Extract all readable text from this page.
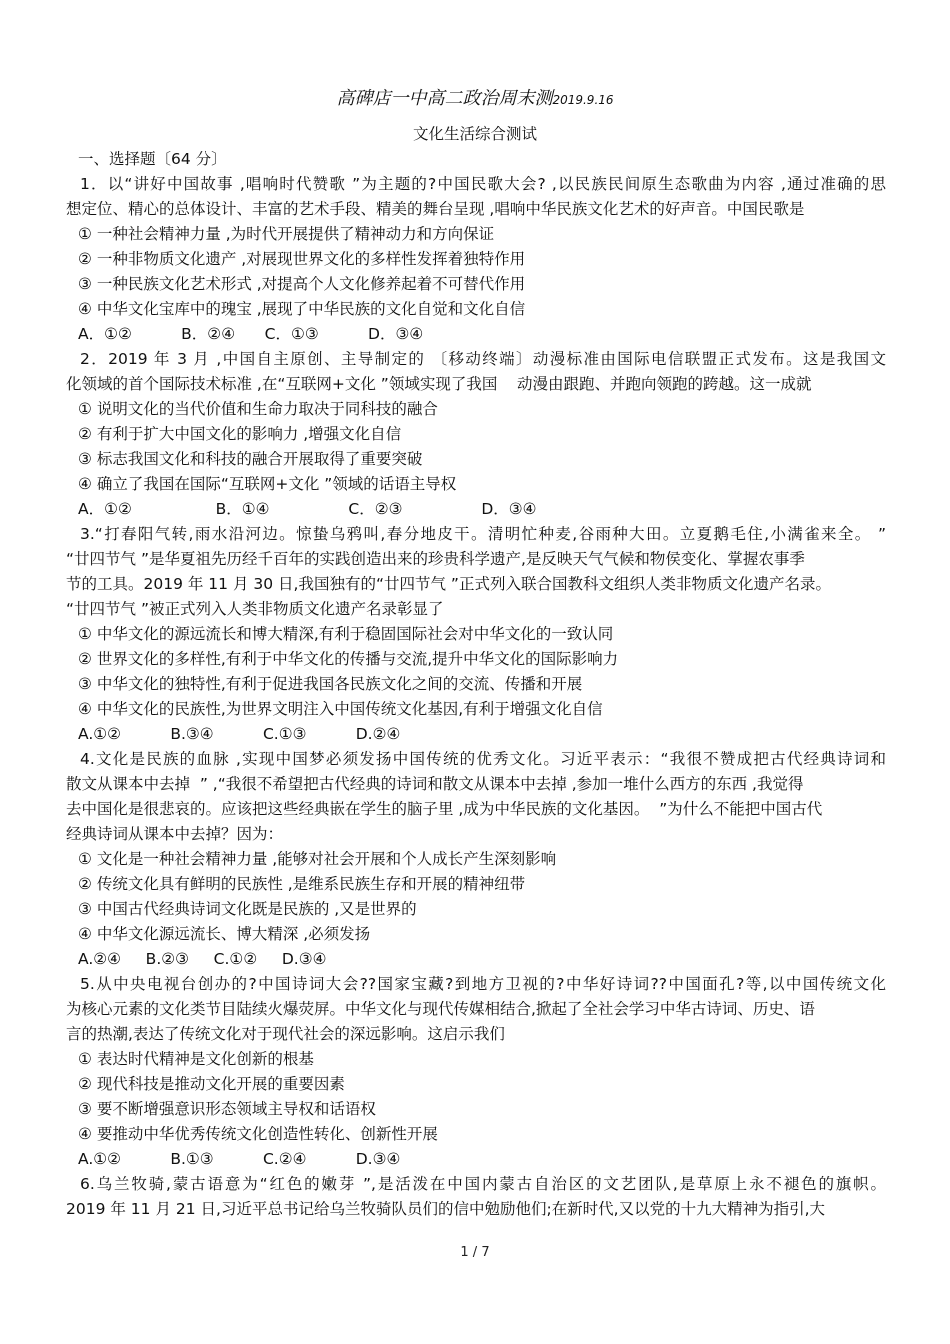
高碑店一中高二政治周末测2019.9.16
文化生活综合测试
一、选择题〔64 分〕
1．以“讲好中国故事 ,唱响时代赞歌 ”为主题的?中国民歌大会? ,以民族民间原生态歌曲为内容 ,通过准确的思
想定位、精心的总体设计、丰富的艺术手段、精美的舞台呈现 ,唱响中华民族文化艺术的好声音。中国民歌是
① 一种社会精神力量 ,为时代开展提供了精神动力和方向保证
② 一种非物质文化遗产 ,对展现世界文化的多样性发挥着独特作用
③ 一种民族文化艺术形式 ,对提高个人文化修养起着不可替代作用
④ 中华文化宝库中的瑰宝 ,展现了中华民族的文化自觉和文化自信
A．①②          B．②④      C．①③          D．③④
2．2019 年 3 月 ,中国自主原创、主导制定的 〔移动终端〕动漫标准由国际电信联盟正式发布。这是我国文
化领域的首个国际技术标准 ,在“互联网+文化 ”领域实现了我国    动漫由跟跑、并跑向领跑的跨越。这一成就
① 说明文化的当代价值和生命力取决于同科技的融合
② 有利于扩大中国文化的影响力 ,增强文化自信
③ 标志我国文化和科技的融合开展取得了重要突破
④ 确立了我国在国际“互联网+文化 ”领域的话语主导权
A．①②                 B．①④                C．②③                D．③④
3.“打春阳气转,雨水沿河边。惊蛰乌鸦叫,春分地皮干。清明忙种麦,谷雨种大田。立夏鹅毛住,小满雀来全。 ”
“廿四节气 ”是华夏祖先历经千百年的实践创造出来的珍贵科学遗产,是反映天气气候和物侯变化、掌握农事季
节的工具。2019 年 11 月 30 日,我国独有的“廿四节气 ”正式列入联合国教科文组织人类非物质文化遗产名录。
“廿四节气 ”被正式列入人类非物质文化遗产名录彰显了
① 中华文化的源远流长和博大精深,有利于稳固国际社会对中华文化的一致认同
② 世界文化的多样性,有利于中华文化的传播与交流,提升中华文化的国际影响力
③ 中华文化的独特性,有利于促进我国各民族文化之间的交流、传播和开展
④ 中华文化的民族性,为世界文明注入中国传统文化基因,有利于增强文化自信
A.①②          B.③④          C.①③          D.②④
4.文化是民族的血脉 ,实现中国梦必须发扬中国传统的优秀文化。习近平表示：“我很不赞成把古代经典诗词和
散文从课本中去掉  ” ,“我很不希望把古代经典的诗词和散文从课本中去掉 ,参加一堆什么西方的东西 ,我觉得
去中国化是很悲哀的。应该把这些经典嵌在学生的脑子里 ,成为中华民族的文化基因。  ”为什么不能把中国古代
经典诗词从课本中去掉？因为：
① 文化是一种社会精神力量 ,能够对社会开展和个人成长产生深刻影响
② 传统文化具有鲜明的民族性 ,是维系民族生存和开展的精神纽带
③ 中国古代经典诗词文化既是民族的 ,又是世界的
④ 中华文化源远流长、博大精深 ,必须发扬
A.②④     B.②③     C.①②     D.③④
5.从中央电视台创办的?中国诗词大会??国家宝藏?到地方卫视的?中华好诗词??中国面孔?等,以中国传统文化
为核心元素的文化类节目陆续火爆荧屏。中华文化与现代传媒相结合,掀起了全社会学习中华古诗词、历史、语
言的热潮,表达了传统文化对于现代社会的深远影响。这启示我们
① 表达时代精神是文化创新的根基
② 现代科技是推动文化开展的重要因素
③ 要不断增强意识形态领域主导权和话语权
④ 要推动中华优秀传统文化创造性转化、创新性开展
A.①②          B.①③          C.②④          D.③④
6.乌兰牧骑,蒙古语意为“红色的嫩芽 ”,是活泼在中国内蒙古自治区的文艺团队,是草原上永不褪色的旗帜。
2019 年 11 月 21 日,习近平总书记给乌兰牧骑队员们的信中勉励他们;在新时代,又以党的十九大精神为指引,大
1 / 7
